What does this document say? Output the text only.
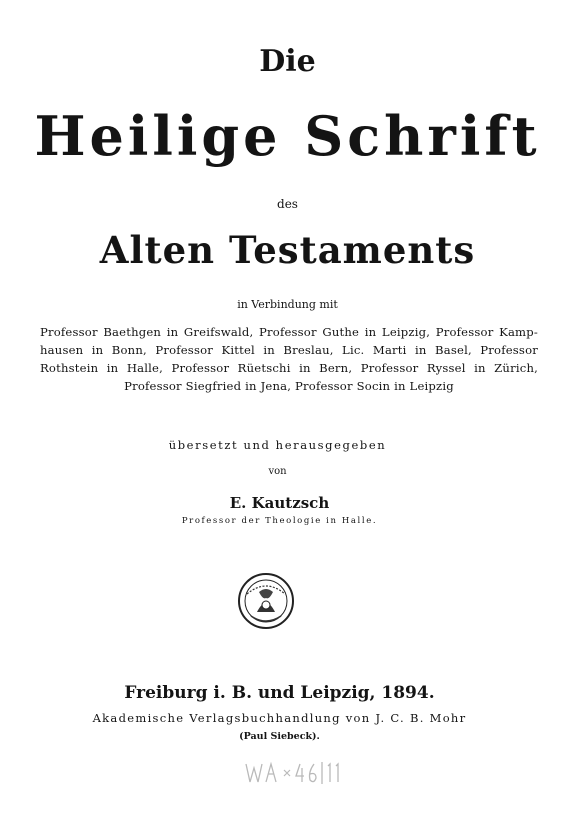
Die
Heilige Schrift
des
Alten Testaments
in Verbindung mit
Professor Baethgen in Greifswald, Professor Guthe in Leipzig, Professor Kamp-hausen in Bonn, Professor Kittel in Breslau, Lic. Marti in Basel, Professor Rothstein in Halle, Professor Rüetschi in Bern, Professor Ryssel in Zürich, Professor Siegfried in Jena, Professor Socin in Leipzig
übersetzt und herausgegeben
von
E. Kautzsch
Professor der Theologie in Halle.
Freiburg i. B. und Leipzig, 1894.
Akademische Verlagsbuchhandlung von J. C. B. Mohr
(Paul Siebeck).
